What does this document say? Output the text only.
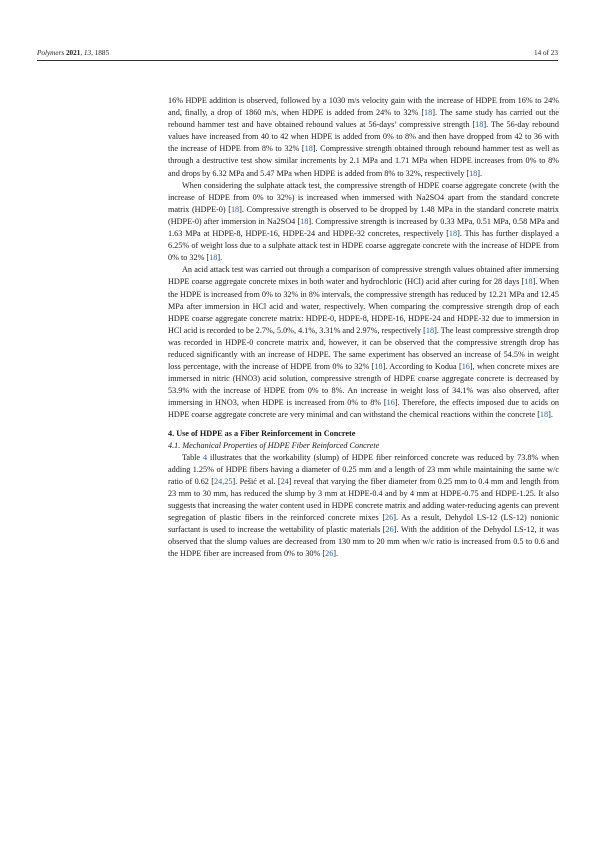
Polymers 2021, 13, 1885	14 of 23

16% HDPE addition is observed, followed by a 1030 m/s velocity gain with the increase of HDPE from 16% to 24% and, finally, a drop of 1860 m/s, when HDPE is added from 24% to 32% [18]. The same study has carried out the rebound hammer test and have obtained rebound values at 56-days’ compressive strength [18]. The 56-day rebound values have increased from 40 to 42 when HDPE is added from 0% to 8% and then have dropped from 42 to 36 with the increase of HDPE from 8% to 32% [18]. Compressive strength obtained through rebound hammer test as well as through a destructive test show similar increments by 2.1 MPa and 1.71 MPa when HDPE increases from 0% to 8% and drops by 6.32 MPa and 5.47 MPa when HDPE is added from 8% to 32%, respectively [18].

When considering the sulphate attack test, the compressive strength of HDPE coarse aggregate concrete (with the increase of HDPE from 0% to 32%) is increased when immersed with Na2SO4 apart from the standard concrete matrix (HDPE-0) [18]. Compressive strength is observed to be dropped by 1.48 MPa in the standard concrete matrix (HDPE-0) after immersion in Na2SO4 [18]. Compressive strength is increased by 0.33 MPa, 0.51 MPa, 0.58 MPa and 1.63 MPa at HDPE-8, HDPE-16, HDPE-24 and HDPE-32 concretes, respectively [18]. This has further displayed a 6.25% of weight loss due to a sulphate attack test in HDPE coarse aggregate concrete with the increase of HDPE from 0% to 32% [18].

An acid attack test was carried out through a comparison of compressive strength values obtained after immersing HDPE coarse aggregate concrete mixes in both water and hydrochloric (HCl) acid after curing for 28 days [18]. When the HDPE is increased from 0% to 32% in 8% intervals, the compressive strength has reduced by 12.21 MPa and 12.45 MPa after immersion in HCl acid and water, respectively. When comparing the compressive strength drop of each HDPE coarse aggregate concrete matrix: HDPE-0, HDPE-8, HDPE-16, HDPE-24 and HDPE-32 due to immersion in HCl acid is recorded to be 2.7%, 5.0%, 4.1%, 3.31% and 2.97%, respectively [18]. The least compressive strength drop was recorded in HDPE-0 concrete matrix and, however, it can be observed that the compressive strength drop has reduced significantly with an increase of HDPE. The same experiment has observed an increase of 54.5% in weight loss percentage, with the increase of HDPE from 0% to 32% [18]. According to Kodua [16], when concrete mixes are immersed in nitric (HNO3) acid solution, compressive strength of HDPE coarse aggregate concrete is decreased by 53.9% with the increase of HDPE from 0% to 8%. An increase in weight loss of 34.1% was also observed, after immersing in HNO3, when HDPE is increased from 0% to 8% [16]. Therefore, the effects imposed due to acids on HDPE coarse aggregate concrete are very minimal and can withstand the chemical reactions within the concrete [18].

4. Use of HDPE as a Fiber Reinforcement in Concrete
4.1. Mechanical Properties of HDPE Fiber Reinforced Concrete

Table 4 illustrates that the workability (slump) of HDPE fiber reinforced concrete was reduced by 73.8% when adding 1.25% of HDPE fibers having a diameter of 0.25 mm and a length of 23 mm while maintaining the same w/c ratio of 0.62 [24,25]. Pešić et al. [24] reveal that varying the fiber diameter from 0.25 mm to 0.4 mm and length from 23 mm to 30 mm, has reduced the slump by 3 mm at HDPE-0.4 and by 4 mm at HDPE-0.75 and HDPE-1.25. It also suggests that increasing the water content used in HDPE concrete matrix and adding water-reducing agents can prevent segregation of plastic fibers in the reinforced concrete mixes [26]. As a result, Dehydol LS-12 (LS-12) nonionic surfactant is used to increase the wettability of plastic materials [26]. With the addition of the Dehydol LS-12, it was observed that the slump values are decreased from 130 mm to 20 mm when w/c ratio is increased from 0.5 to 0.6 and the HDPE fiber are increased from 0% to 30% [26].
